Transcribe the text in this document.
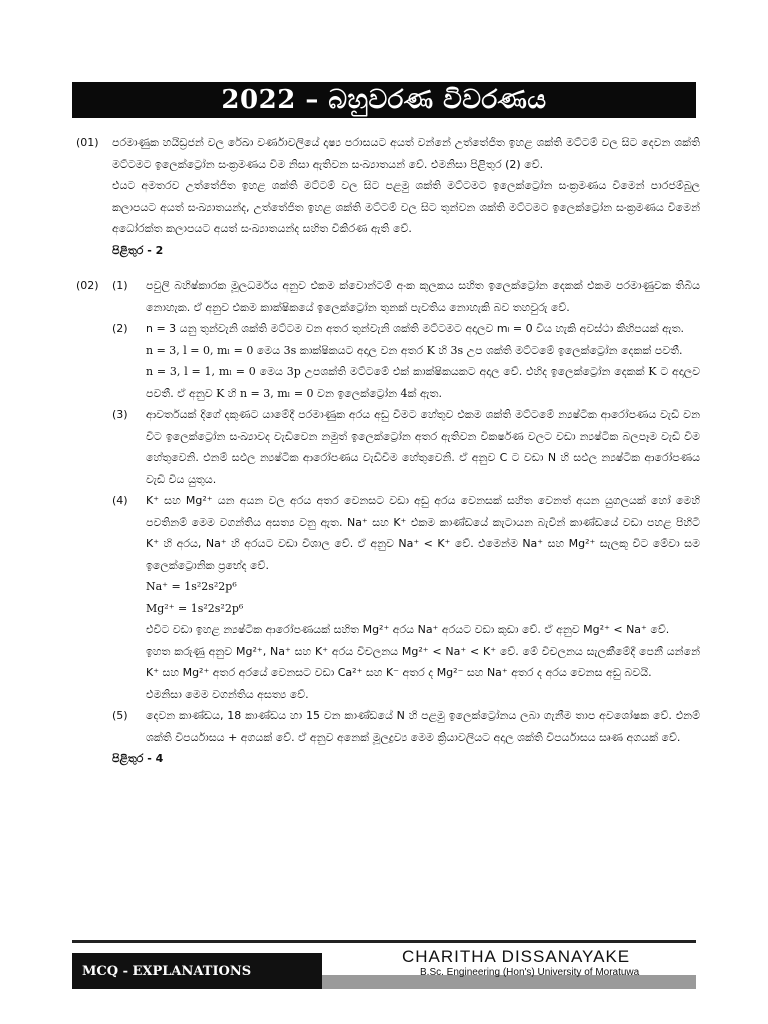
2022 – බහුවරණ විවරණය
(01)	පරමාණුක හයිඩ්‍රජන් වල රේඛා වර්ණාවලියේ දෘෂ්‍ය පරාසයට අයත් වන්නේ උත්තේජිත ඉහළ ශක්ති මට්ටම් වල සිට දෙවන ශක්ති මට්ටමට ඉලෙක්ට්‍රෝන සංක්‍රමණය වීම නිසා ඇතිවන සංඛ්‍යාතයන් වේ. එමනිසා පිළිතුර (2) වේ.

එයට අමතරව උත්තේජිත ඉහළ ශක්ති මට්ටම් වල සිට පළමු ශක්ති මට්ටමට ඉලෙක්ට්‍රෝන සංක්‍රමණය වීමෙන් පාරජම්බුල කලාපයට අයත් සංඛ්‍යාතයන්ද, උත්තේජිත ඉහළ ශක්ති මට්ටම් වල සිට තුන්වන ශක්ති මට්ටමට ඉලෙක්ට්‍රෝන සංක්‍රමණය වීමෙන් අධෝරක්ත කලාපයට අයත් සංඛ්‍යාතයන්ද සහිත විකිරණ ඇති වේ.

පිළිතුර - 2

(02)	(1)	පවුලි බහිෂ්කාරක මූලධර්මය අනුව එකම ක්වොන්ටම් අංක කුලකය සහිත ඉලෙක්ට්‍රෝන දෙකක් එකම පරමාණුවක තිබිය නොහැක. ඒ අනුව එකම කාක්ෂිකයේ ඉලෙක්ට්‍රෝන තුනක් පැවතිය නොහැකි බව තහවුරු වේ.

(2)	n = 3 යනු තුන්වැනි ශක්ති මට්ටම වන අතර තුන්වැනි ශක්ති මට්ටමට අදාලව mₗ = 0 විය හැකි අවස්ථා කිහිපයක් ඇත.

n = 3, l = 0, mₗ = 0 මෙය 3s කාක්ෂිකයට අදාල වන අතර K හි 3s උප ශක්ති මට්ටමේ ඉලෙක්ට්‍රෝන දෙකක් පවතී.

n = 3, l = 1, mₗ = 0 මෙය 3p උපශක්ති මට්ටමේ එක් කාක්ෂිකයකට අදාල වේ. එහිද ඉලෙක්ට්‍රෝන දෙකක් K ට අදාලව පවතී. ඒ අනුව K හි n = 3, mₗ = 0 වන ඉලෙක්ට්‍රෝන 4ක් ඇත.

(3)	ආවර්තයක් දිගේ දකුණට යාමේදී පරමාණුක අරය අඩු වීමට හේතුව එකම ශක්ති මට්ටමේ න්‍යෂ්ටික ආරෝපණය වැඩි වන විට ඉලෙක්ට්‍රෝන සංඛ්‍යාවද වැඩිවෙන නමුත් ඉලෙක්ට්‍රෝන අතර ඇතිවන විකර්ෂණ වලට වඩා න්‍යෂ්ටික බලපෑම වැඩි වීම හේතුවෙනි. එනම් සඵල න්‍යෂ්ටික ආරෝපණය වැඩිවීම හේතුවෙනි. ඒ අනුව C ට වඩා N හි සඵල න්‍යෂ්ටික ආරෝපණය වැඩි විය යුතුය.

(4)	K⁺ සහ Mg²⁺ යන අයන වල අරය අතර වෙනසට වඩා අඩු අරය වෙනසක් සහිත වෙනත් අයන යුගලයක් හෝ මෙහි පවතිනම් මෙම වගන්තිය අසත්‍ය වනු ඇත. Na⁺ සහ K⁺ එකම කාණ්ඩයේ කැටායන බැවින් කාණ්ඩයේ වඩා පහළ පිහිටි K⁺ හි අරය, Na⁺ හි අරයට වඩා විශාල වේ. ඒ අනුව Na⁺ < K⁺ වේ. එමෙන්ම Na⁺ සහ Mg²⁺ සැලකූ විට මේවා සම ඉලෙක්ට්‍රොනික ප්‍රභේද වේ.

Na⁺ = 1s²2s²2p⁶

Mg²⁺ = 1s²2s²2p⁶

එවිට වඩා ඉහළ න්‍යෂ්ටික ආරෝපණයක් සහිත Mg²⁺ අරය Na⁺ අරයට වඩා කුඩා වේ. ඒ අනුව Mg²⁺ < Na⁺ වේ.

ඉහත කරුණු අනුව Mg²⁺, Na⁺ සහ K⁺ අරය විචලනය Mg²⁺ < Na⁺ < K⁺ වේ. මේ විචලනය සැලකීමේදී පෙනී යන්නේ K⁺ සහ Mg²⁺ අතර අරයේ වෙනසට වඩා Ca²⁺ සහ K⁻ අතර ද Mg²⁻ සහ Na⁺ අතර ද අරය වෙනස අඩු බවයි.

එමනිසා මෙම වගන්තිය අසත්‍ය වේ.

(5)	දෙවන කාණ්ඩය, 18 කාණ්ඩය හා 15 වන කාණ්ඩයේ N හි පළමු ඉලෙක්ට්‍රෝනය ලබා ගැනීම තාප අවශෝෂක වේ. එනම් ශක්ති විපර්යාසය + අගයක් වේ. ඒ අනුව අනෙක් මූලද්‍රව්‍ය මෙම ක්‍රියාවලියට අදාල ශක්ති විපර්යාසය සෘණ අගයක් වේ.

පිළිතුර - 4
MCQ - EXPLANATIONS
CHARITHA DISSANAYAKE
B.Sc. Engineering (Hon's) University of Moratuwa
